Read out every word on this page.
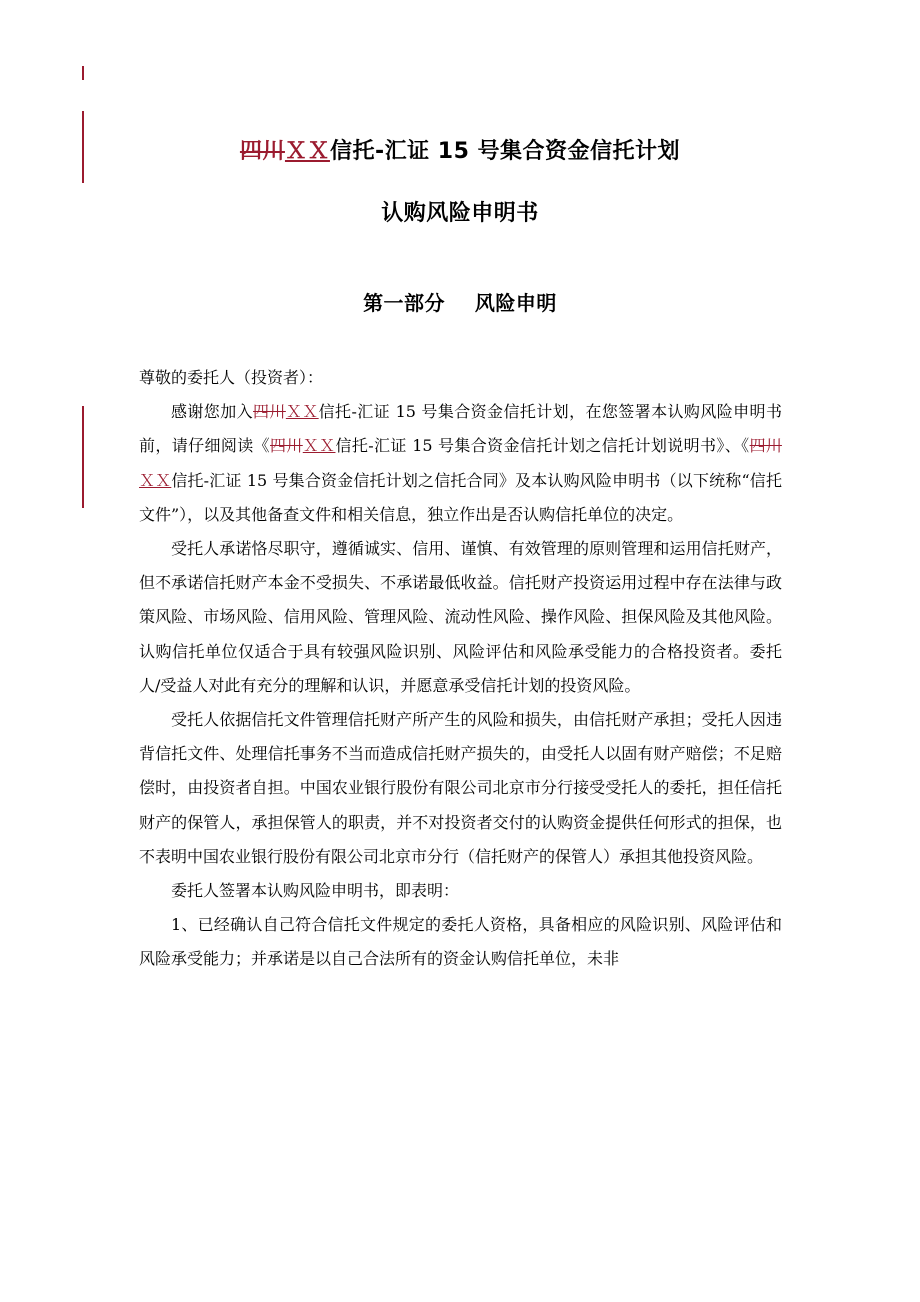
四川ＸＸ信托-汇证 15 号集合资金信托计划
认购风险申明书
第一部分    风险申明

尊敬的委托人（投资者）：

感谢您加入四川ＸＸ信托-汇证 15 号集合资金信托计划，在您签署本认购风险申明书前，请仔细阅读《四川ＸＸ信托-汇证 15 号集合资金信托计划之信托计划说明书》、《四川ＸＸ信托-汇证 15 号集合资金信托计划之信托合同》及本认购风险申明书（以下统称“信托文件”），以及其他备查文件和相关信息，独立作出是否认购信托单位的决定。

受托人承诺恪尽职守，遵循诚实、信用、谨慎、有效管理的原则管理和运用信托财产，但不承诺信托财产本金不受损失、不承诺最低收益。信托财产投资运用过程中存在法律与政策风险、市场风险、信用风险、管理风险、流动性风险、操作风险、担保风险及其他风险。认购信托单位仅适合于具有较强风险识别、风险评估和风险承受能力的合格投资者。委托人/受益人对此有充分的理解和认识，并愿意承受信托计划的投资风险。

受托人依据信托文件管理信托财产所产生的风险和损失，由信托财产承担；受托人因违背信托文件、处理信托事务不当而造成信托财产损失的，由受托人以固有财产赔偿；不足赔偿时，由投资者自担。中国农业银行股份有限公司北京市分行接受受托人的委托，担任信托财产的保管人，承担保管人的职责，并不对投资者交付的认购资金提供任何形式的担保，也不表明中国农业银行股份有限公司北京市分行（信托财产的保管人）承担其他投资风险。

委托人签署本认购风险申明书，即表明：

1、已经确认自己符合信托文件规定的委托人资格，具备相应的风险识别、风险评估和风险承受能力；并承诺是以自己合法所有的资金认购信托单位，未非
